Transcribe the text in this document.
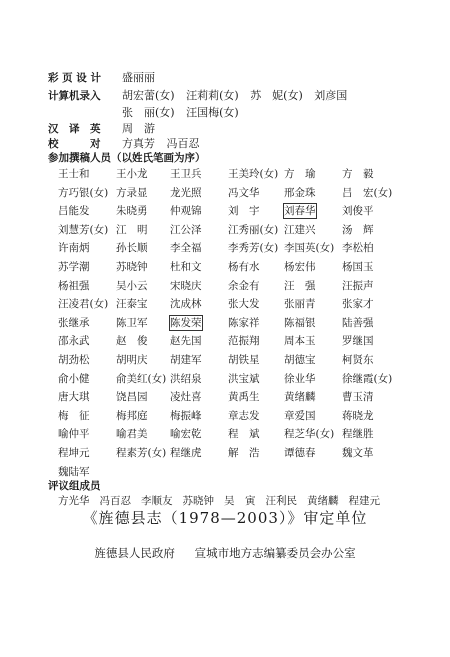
彩 页 设 计 盛丽丽
计算机录入 胡宏蕾(女) 汪莉莉(女) 苏　妮(女) 刘彦国
张　丽(女) 汪国梅(女)
汉　译　英 周　游
校　　　对 方真芳 冯百忍
参加撰稿人员（以姓氏笔画为序）
王士和	王小龙 王卫兵	王美玲(女) 方　瑜	方　毅
方巧银(女) 方录显 龙光照	冯文华 邢金珠	吕　宏(女)
吕能发	朱晓勇 仲观锦	刘　宇 刘春华	刘俊平
刘慧芳(女) 江　明 江公泽	江秀丽(女) 江建兴	汤　辉
许南炳	孙长顺 李全福	李秀芳(女) 李国英(女) 李松柏
苏学潮	苏晓钟 杜和文	杨有水 杨宏伟	杨国玉
杨祖强	吴小云 宋晓庆	余金有 汪　强	汪振声
汪凌君(女) 汪泰宝 沈成林	张大发 张丽青	张家才
张继承	陈卫军 陈发荣	陈家祥 陈福银	陆善强
邵永武	赵　俊 赵先国	范振翔 周本玉	罗继国
胡劲松	胡明庆 胡建军	胡铁星 胡德宝	柯贤东
俞小健	俞美红(女) 洪绍泉	洪宝斌 徐业华	徐继霞(女)
唐大琪	饶昌园 凌灶喜	黄禹生 黄绪麟	曹玉清
梅　征	梅邦庭 梅振峰	章志发 章爱国	蒋晓龙
喻仲平	喻君美 喻宏乾	程　斌 程芝华(女) 程继胜
程坤元	程素芳(女) 程继虎	解　浩 谭德春	魏文革
魏陆军
评议组成员
方光华 冯百忍 李顺友 苏晓钟 吴　寅 汪利民 黄绪麟 程建元
《旌德县志（1978—2003）》审定单位
旌德县人民政府 宣城市地方志编纂委员会办公室
